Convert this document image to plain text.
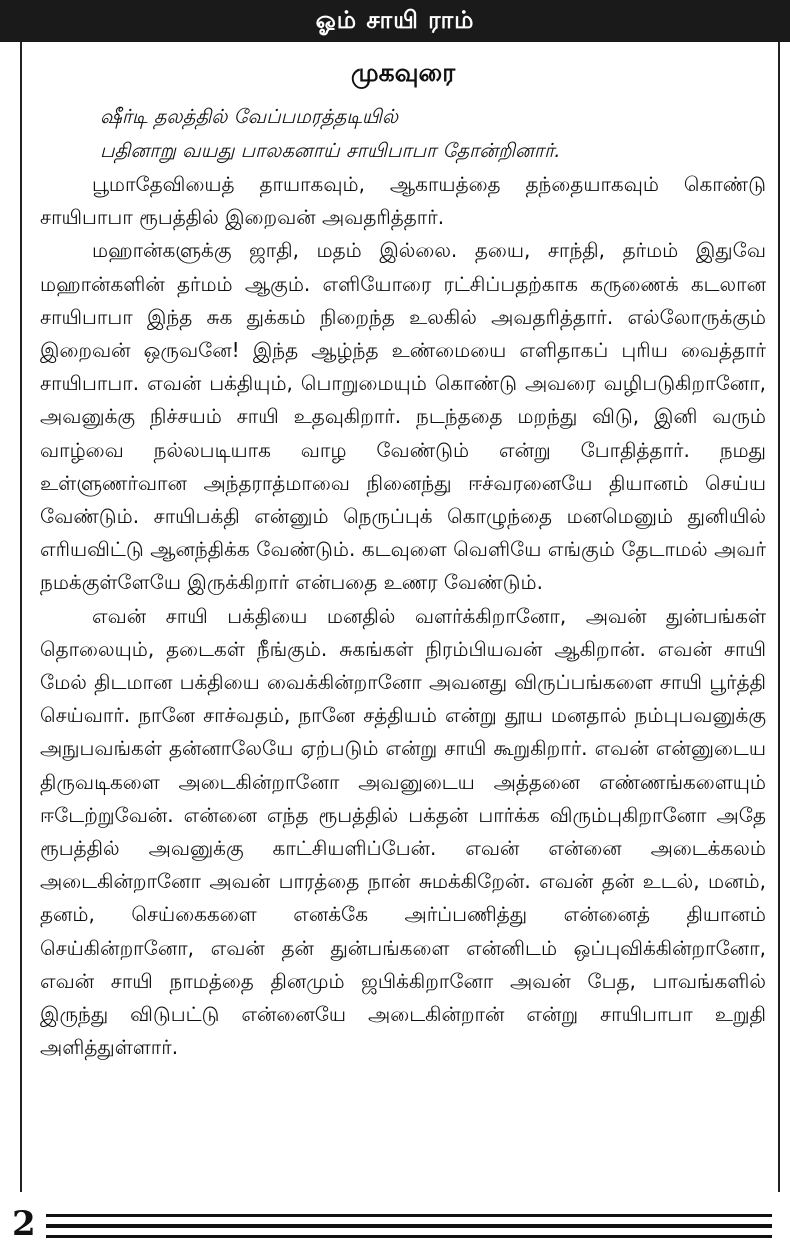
ஓம் சாயி ராம்
முகவுரை

ஷீர்டி தலத்தில் வேப்பமரத்தடியில்

பதினாறு வயது பாலகனாய் சாயிபாபா தோன்றினார்.

பூமாதேவியைத் தாயாகவும், ஆகாயத்தை தந்தையாகவும் கொண்டு சாயிபாபா ரூபத்தில் இறைவன் அவதரித்தார்.

மஹான்களுக்கு ஜாதி, மதம் இல்லை. தயை, சாந்தி, தர்மம் இதுவே மஹான்களின் தர்மம் ஆகும். எளியோரை ரட்சிப்பதற்காக கருணைக் கடலான சாயிபாபா இந்த சுக துக்கம் நிறைந்த உலகில் அவதரித்தார். எல்லோருக்கும் இறைவன் ஒருவனே! இந்த ஆழ்ந்த உண்மையை எளிதாகப் புரிய வைத்தார் சாயிபாபா. எவன் பக்தியும், பொறுமையும் கொண்டு அவரை வழிபடுகிறானோ, அவனுக்கு நிச்சயம் சாயி உதவுகிறார். நடந்ததை மறந்து விடு, இனி வரும் வாழ்வை நல்லபடியாக வாழ வேண்டும் என்று போதித்தார். நமது உள்ளுணர்வான அந்தராத்மாவை நினைந்து ஈச்வரனையே தியானம் செய்ய வேண்டும். சாயிபக்தி என்னும் நெருப்புக் கொழுந்தை மனமெனும் துனியில் எரியவிட்டு ஆனந்திக்க வேண்டும். கடவுளை வெளியே எங்கும் தேடாமல் அவர் நமக்குள்ளேயே இருக்கிறார் என்பதை உணர வேண்டும்.

எவன் சாயி பக்தியை மனதில் வளர்க்கிறானோ, அவன் துன்பங்கள் தொலையும், தடைகள் நீங்கும். சுகங்கள் நிரம்பியவன் ஆகிறான். எவன் சாயி மேல் திடமான பக்தியை வைக்கின்றானோ அவனது விருப்பங்களை சாயி பூர்த்தி செய்வார். நானே சாச்வதம், நானே சத்தியம் என்று தூய மனதால் நம்புபவனுக்கு அநுபவங்கள் தன்னாலேயே ஏற்படும் என்று சாயி கூறுகிறார். எவன் என்னுடைய திருவடிகளை அடைகின்றானோ அவனுடைய அத்தனை எண்ணங்களையும் ஈடேற்றுவேன். என்னை எந்த ரூபத்தில் பக்தன் பார்க்க விரும்புகிறானோ அதே ரூபத்தில் அவனுக்கு காட்சியளிப்பேன். எவன் என்னை அடைக்கலம் அடைகின்றானோ அவன் பாரத்தை நான் சுமக்கிறேன். எவன் தன் உடல், மனம், தனம், செய்கைகளை எனக்கே அர்ப்பணித்து என்னைத் தியானம் செய்கின்றானோ, எவன் தன் துன்பங்களை என்னிடம் ஒப்புவிக்கின்றானோ, எவன் சாயி நாமத்தை தினமும் ஜபிக்கிறானோ அவன் பேத, பாவங்களில் இருந்து விடுபட்டு என்னையே அடைகின்றான் என்று சாயிபாபா உறுதி அளித்துள்ளார்.

2
